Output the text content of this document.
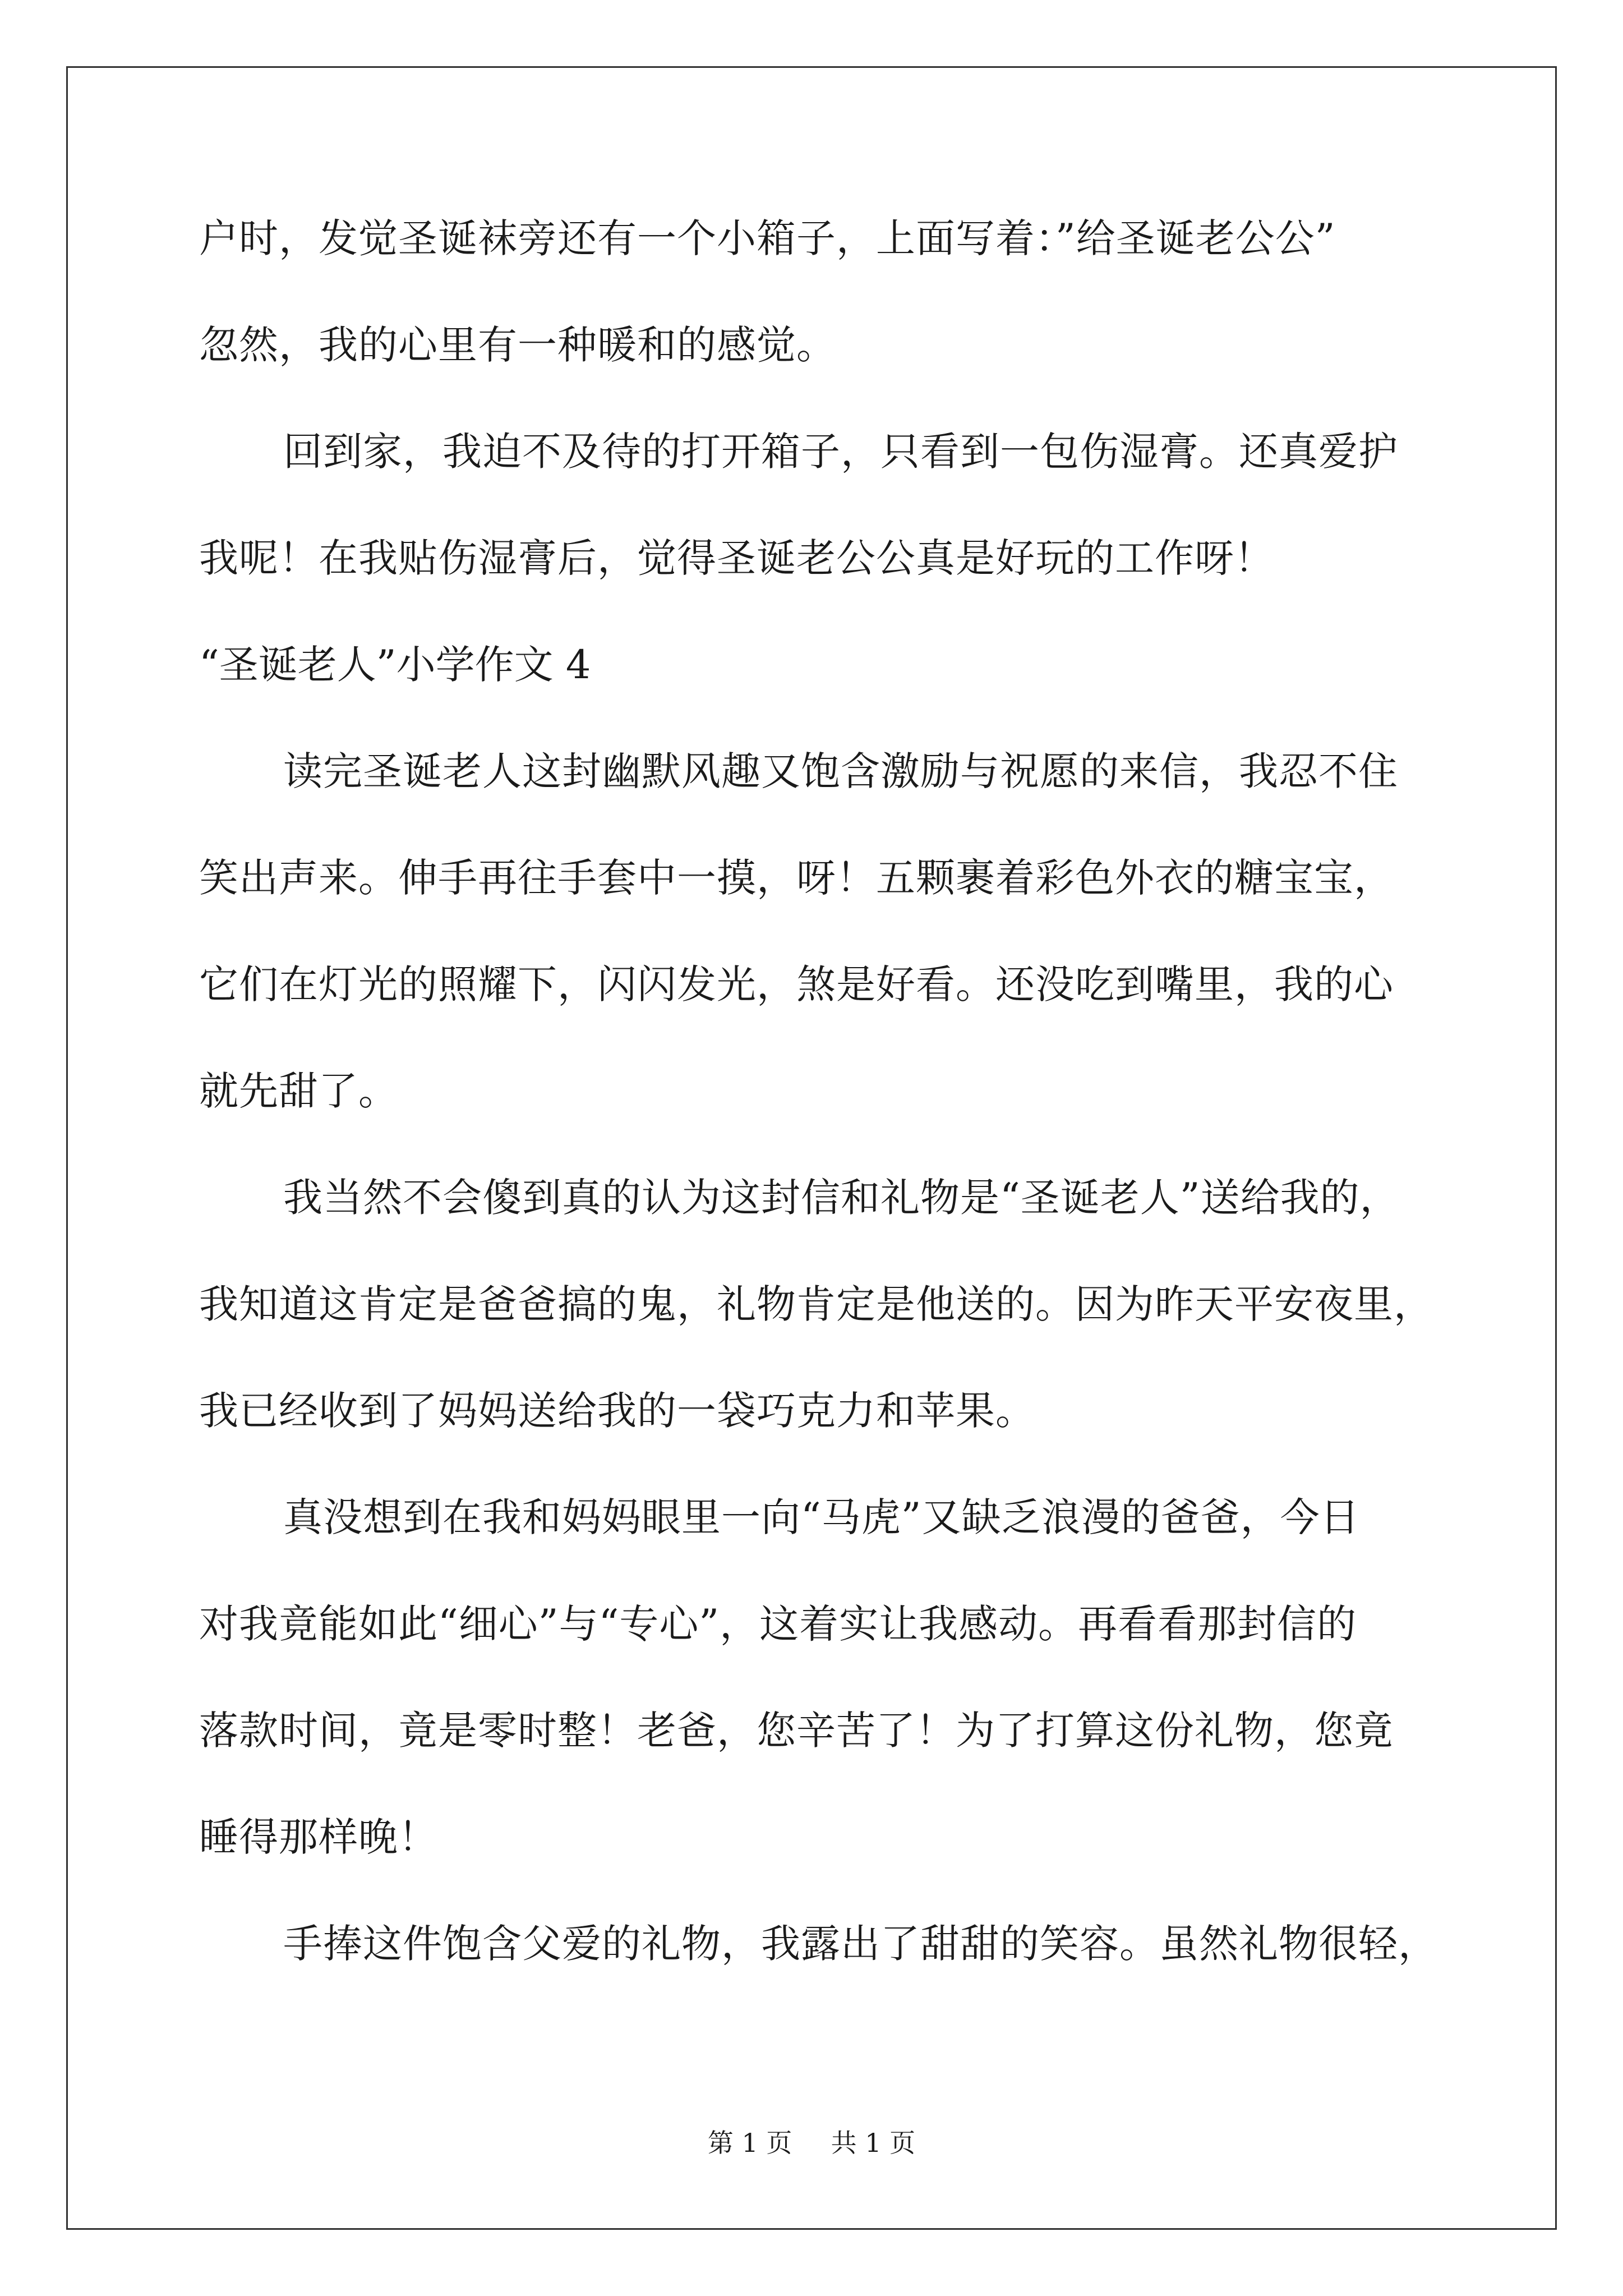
户时，发觉圣诞袜旁还有一个小箱子，上面写着：”给圣诞老公公”
忽然，我的心里有一种暖和的感觉。
回到家，我迫不及待的打开箱子，只看到一包伤湿膏。还真爱护
我呢！在我贴伤湿膏后，觉得圣诞老公公真是好玩的工作呀！
“圣诞老人”小学作文 4
读完圣诞老人这封幽默风趣又饱含激励与祝愿的来信，我忍不住
笑出声来。伸手再往手套中一摸，呀！五颗裹着彩色外衣的糖宝宝，
它们在灯光的照耀下，闪闪发光，煞是好看。还没吃到嘴里，我的心
就先甜了。
我当然不会傻到真的认为这封信和礼物是“圣诞老人”送给我的，
我知道这肯定是爸爸搞的鬼，礼物肯定是他送的。因为昨天平安夜里，
我已经收到了妈妈送给我的一袋巧克力和苹果。
真没想到在我和妈妈眼里一向“马虎”又缺乏浪漫的爸爸，今日
对我竟能如此“细心”与“专心”，这着实让我感动。再看看那封信的
落款时间，竟是零时整！老爸，您辛苦了！为了打算这份礼物，您竟
睡得那样晚！
手捧这件饱含父爱的礼物，我露出了甜甜的笑容。虽然礼物很轻，
第 1 页 共 1 页
